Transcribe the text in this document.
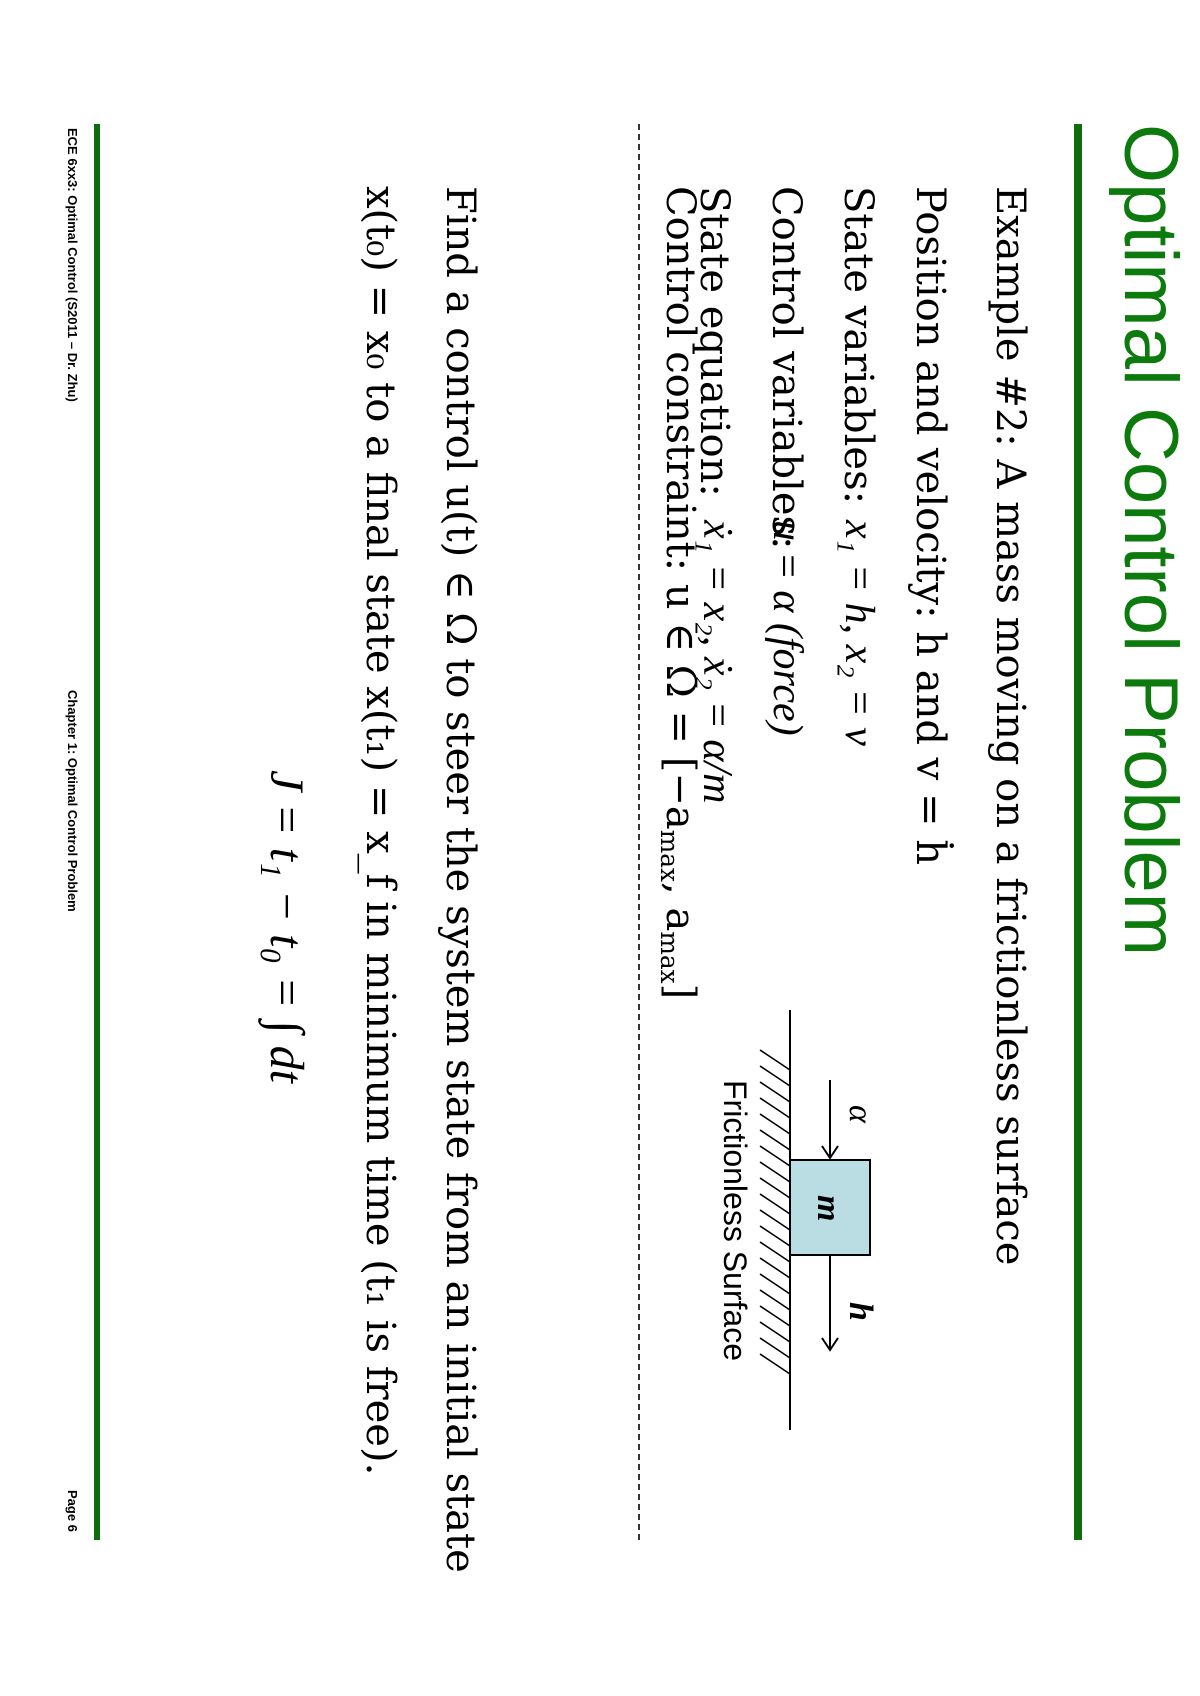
Optimal Control Problem
Example #2: A mass moving on a frictionless surface
Position and velocity: h and v = ḣ
State variables:
x₁ = h, x₂ = v
Control variables:
u = α (force)
State equation:
ẋ₁ = x₂, ẋ₂ = α/m
Control constraint: u ∈ $\Omega = [-a_{max}$, $a_{max}$]
α
m
h
Frictionless Surface
Find a control u(t) ∈ Ω to steer the system state from an initial state
x(t₀) = x₀ to a final state x(t₁) = x_f in minimum time (t₁ is free).
J = t₁ − t₀ = ∫ dt
ECE 6xx3: Optimal Control (S2011 – Dr. Zhu)
Chapter 1: Optimal Control Problem
Page 6
